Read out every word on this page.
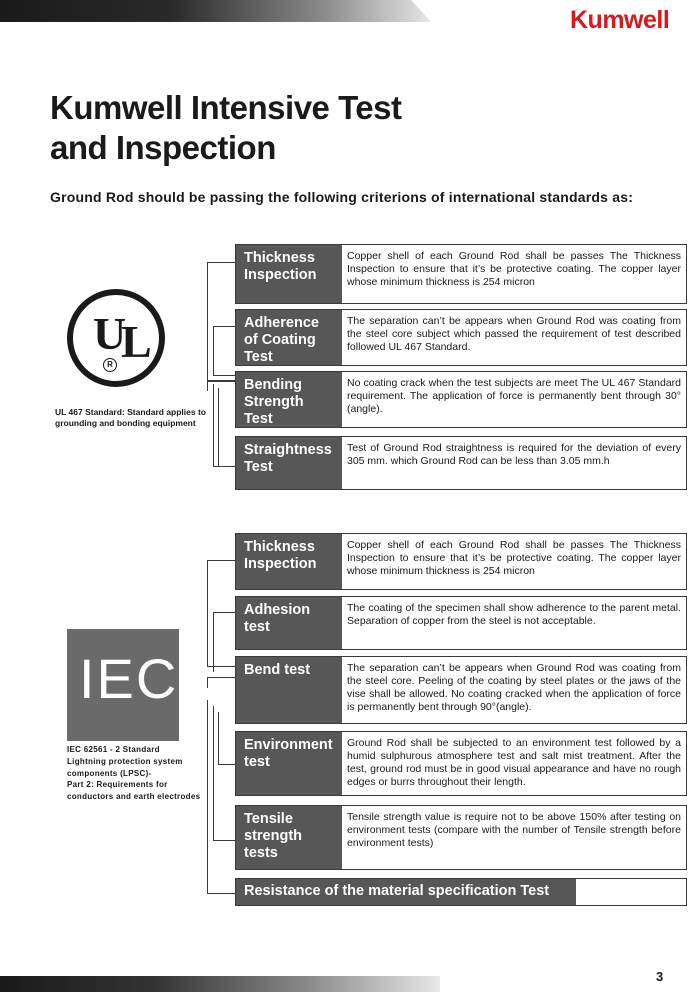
Kumwell
Kumwell Intensive Test
and Inspection
Ground Rod should be passing the following criterions of international standards as:
U
L
R
UL 467 Standard: Standard applies to grounding and bonding equipment
Thickness Inspection
Copper shell of each Ground Rod shall be passes The Thickness Inspection to ensure that it’s be protective coating. The copper layer whose minimum thickness is 254 micron
Adherence of Coating Test
The separation can’t be appears when Ground Rod was coating from the steel core subject which passed the requirement of test described followed UL 467 Standard.
Bending Strength Test
No coating crack when the test subjects are meet The UL 467 Standard requirement. The application of force is permanently bent through 30°(angle).
Straightness Test
Test of Ground Rod straightness is required for the deviation of every 305 mm. which Ground Rod can be less than 3.05 mm.h
IEC
IEC 62561 - 2 Standard
Lightning protection system
components (LPSC)-
Part 2: Requirements for
conductors and earth electrodes
Thickness Inspection
Copper shell of each Ground Rod shall be passes The Thickness Inspection to ensure that it’s be protective coating. The copper layer whose minimum thickness is 254 micron
Adhesion test
The coating of the specimen shall show adherence to the parent metal. Separation of copper from the steel is not acceptable.
Bend test	The separation can’t be appears when Ground Rod was coating from the steel core. Peeling of the coating by steel plates or the jaws of the vise shall be allowed. No coating cracked when the application of force is permanently bent through 90°(angle).
Environment test
Ground Rod shall be subjected to an environment test followed by a humid sulphurous atmosphere test and salt mist treatment. After the test, ground rod must be in good visual appearance and have no rough edges or burrs throughout their length.
Tensile strength tests
Tensile strength value is require not to be above 150% after testing on environment tests (compare with the number of Tensile strength before environment tests)
Resistance of the material specification Test
3
